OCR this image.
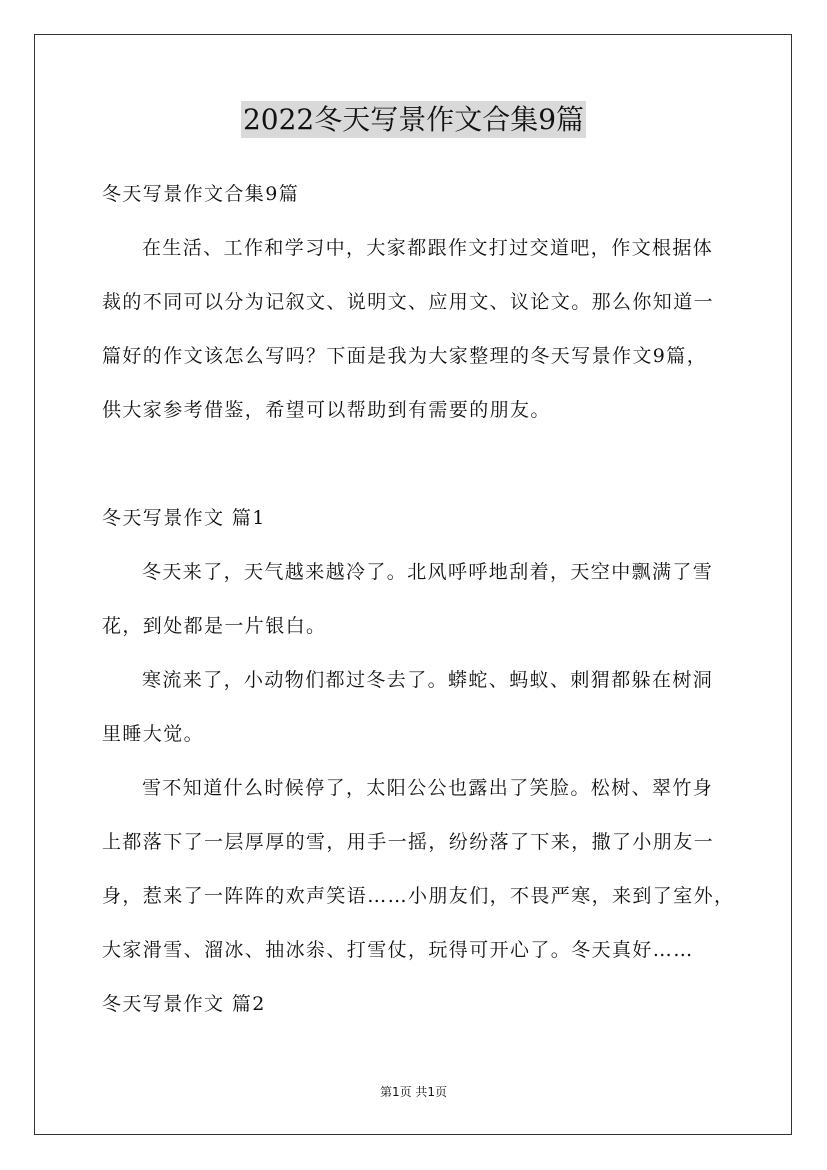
2022冬天写景作文合集9篇
冬天写景作文合集9篇
在生活、工作和学习中，大家都跟作文打过交道吧，作文根据体
裁的不同可以分为记叙文、说明文、应用文、议论文。那么你知道一
篇好的作文该怎么写吗？下面是我为大家整理的冬天写景作文9篇，
供大家参考借鉴，希望可以帮助到有需要的朋友。
冬天写景作文 篇1
冬天来了，天气越来越冷了。北风呼呼地刮着，天空中飘满了雪
花，到处都是一片银白。
寒流来了，小动物们都过冬去了。蟒蛇、蚂蚁、刺猬都躲在树洞
里睡大觉。
雪不知道什么时候停了，太阳公公也露出了笑脸。松树、翠竹身
上都落下了一层厚厚的雪，用手一摇，纷纷落了下来，撒了小朋友一
身，惹来了一阵阵的欢声笑语……小朋友们，不畏严寒，来到了室外，
大家滑雪、溜冰、抽冰尜、打雪仗，玩得可开心了。冬天真好……
冬天写景作文 篇2
第1页 共1页
